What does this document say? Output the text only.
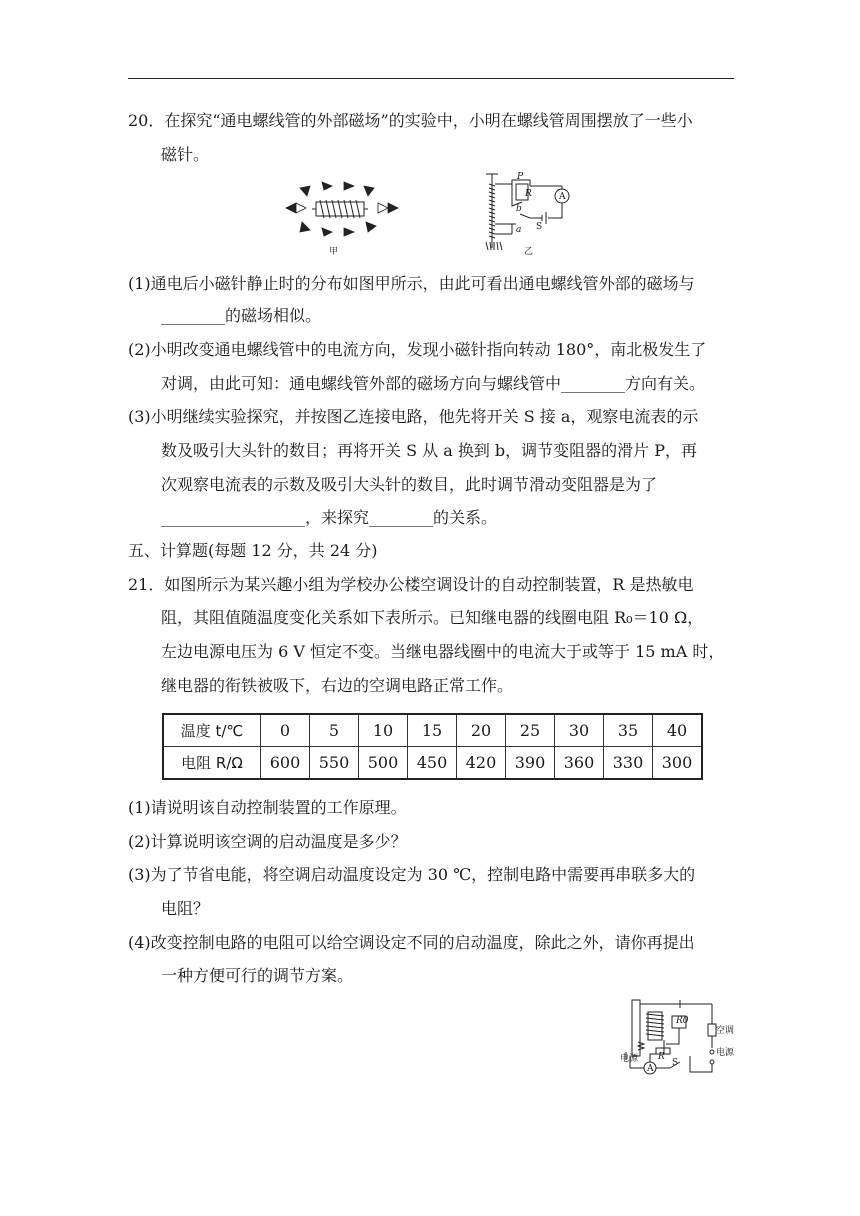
20．在探究“通电螺线管的外部磁场”的实验中，小明在螺线管周围摆放了一些小
磁针。
甲
P
R
b
a S
A
乙
(1)通电后小磁针静止时的分布如图甲所示，由此可看出通电螺线管外部的磁场与
________的磁场相似。
(2)小明改变通电螺线管中的电流方向，发现小磁针指向转动 180°，南北极发生了
对调，由此可知：通电螺线管外部的磁场方向与螺线管中________方向有关。
(3)小明继续实验探究，并按图乙连接电路，他先将开关 S 接 a，观察电流表的示
数及吸引大头针的数目；再将开关 S 从 a 换到 b，调节变阻器的滑片 P，再
次观察电流表的示数及吸引大头针的数目，此时调节滑动变阻器是为了
__________________，来探究________的关系。
五、计算题(每题 12 分，共 24 分)
21．如图所示为某兴趣小组为学校办公楼空调设计的自动控制装置，R 是热敏电
阻，其阻值随温度变化关系如下表所示。已知继电器的线圈电阻 R₀＝10 Ω，
左边电源电压为 6 V 恒定不变。当继电器线圈中的电流大于或等于 15 mA 时，
继电器的衔铁被吸下，右边的空调电路正常工作。
温度 t/℃	0	5	10	15	20	25	30	35	40
电阻 R/Ω	600	550	500	450	420	390	360	330	300
(1)请说明该自动控制装置的工作原理。
(2)计算说明该空调的启动温度是多少？
(3)为了节省电能，将空调启动温度设定为 30 ℃，控制电路中需要再串联多大的
电阻？
(4)改变控制电路的电阻可以给空调设定不同的启动温度，除此之外，请你再提出
一种方便可行的调节方案。
R0
空调
电源
电源 R
S
A
